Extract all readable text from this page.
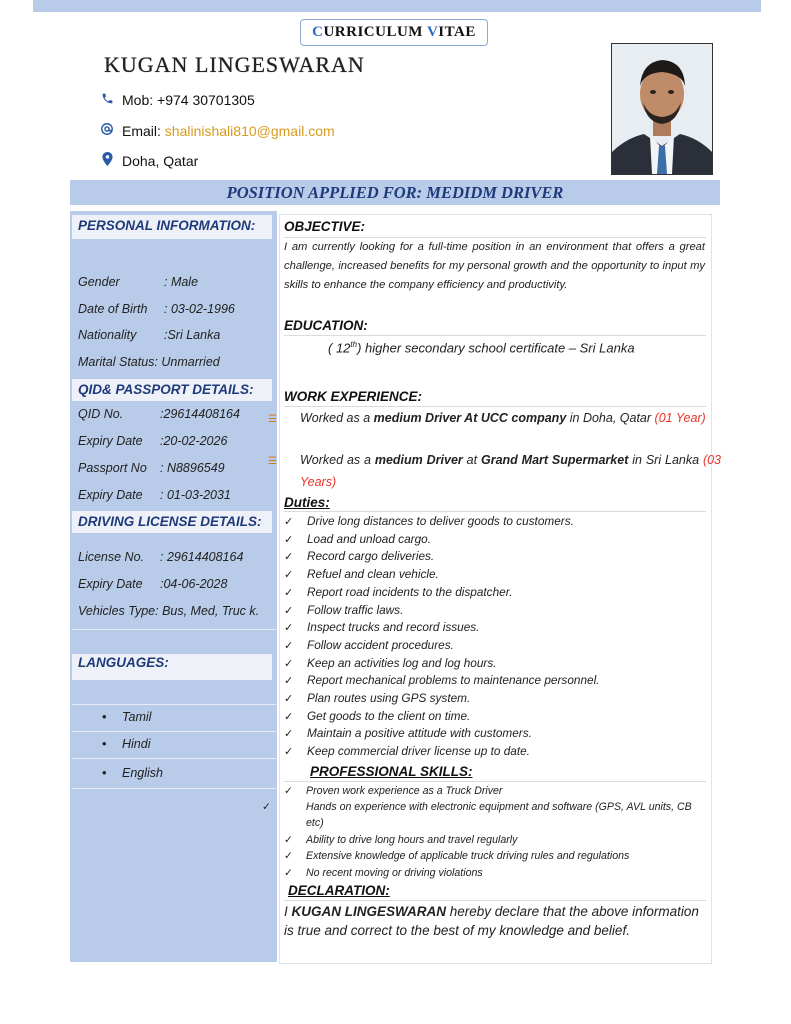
CURRICULUM VITAE
KUGAN LINGESWARAN
Mob: +974 30701305
Email: shalinishali810@gmail.com
Doha, Qatar
POSITION APPLIED FOR: MEDIDM DRIVER
PERSONAL INFORMATION:
Gender	: Male
Date of Birth : 03-02-1996
Nationality :Sri Lanka
Marital Status: Unmarried
QID& PASSPORT DETAILS:
QID No.	:29614408164
Expiry Date :20-02-2026
Passport No : N8896549
Expiry Date : 01-03-2031
DRIVING LICENSE DETAILS:
License No. : 29614408164
Expiry Date :04-06-2028
Vehicles Type: Bus, Med, Truc k.
LANGUAGES:
• Tamil
• Hindi
• English
OBJECTIVE:
I am currently looking for a full-time position in an environment that offers a great challenge, increased benefits for my personal growth and the opportunity to input my skills to enhance the company efficiency and productivity.
EDUCATION:
( 12th) higher secondary school certificate – Sri Lanka
WORK EXPERIENCE:
☰ Worked as a medium Driver At UCC company in Doha, Qatar (01 Year)
☰ Worked as a medium Driver at Grand Mart Supermarket in Sri Lanka (03 Years)
Duties:
✓ Drive long distances to deliver goods to customers.
✓ Load and unload cargo.
✓ Record cargo deliveries.
✓ Refuel and clean vehicle.
✓ Report road incidents to the dispatcher.
✓ Follow traffic laws.
✓ Inspect trucks and record issues.
✓ Follow accident procedures.
✓ Keep an activities log and log hours.
✓ Report mechanical problems to maintenance personnel.
✓ Plan routes using GPS system.
✓ Get goods to the client on time.
✓ Maintain a positive attitude with customers.
✓ Keep commercial driver license up to date.
PROFESSIONAL SKILLS:
✓ Proven work experience as a Truck Driver
✓ Hands on experience with electronic equipment and software (GPS, AVL units, CB etc)
✓ Ability to drive long hours and travel regularly
✓ Extensive knowledge of applicable truck driving rules and regulations
✓ No recent moving or driving violations
DECLARATION:
I KUGAN LINGESWARAN hereby declare that the above information is true and correct to the best of my knowledge and belief.
